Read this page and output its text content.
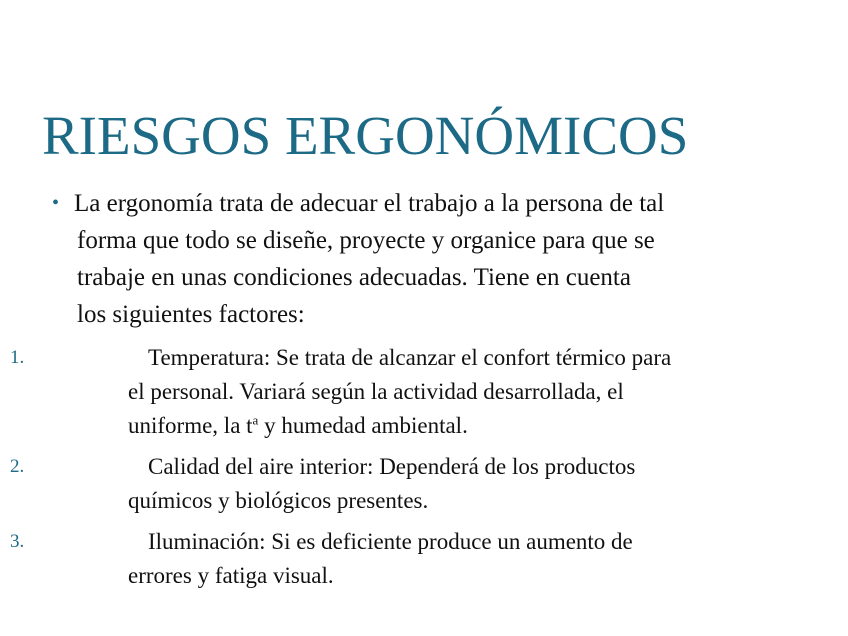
RIESGOS ERGONÓMICOS
• La ergonomía trata de adecuar el trabajo a la persona de tal
forma que todo se diseñe, proyecte y organice para que se
trabaje en unas condiciones adecuadas. Tiene en cuenta
los siguientes factores:
1.	Temperatura: Se trata de alcanzar el confort térmico para
el personal. Variará según la actividad desarrollada, el
uniforme, la $t^a$ y humedad ambiental.
2.	Calidad del aire interior: Dependerá de los productos
químicos y biológicos presentes.
3.	Iluminación: Si es deficiente produce un aumento de
errores y fatiga visual.
